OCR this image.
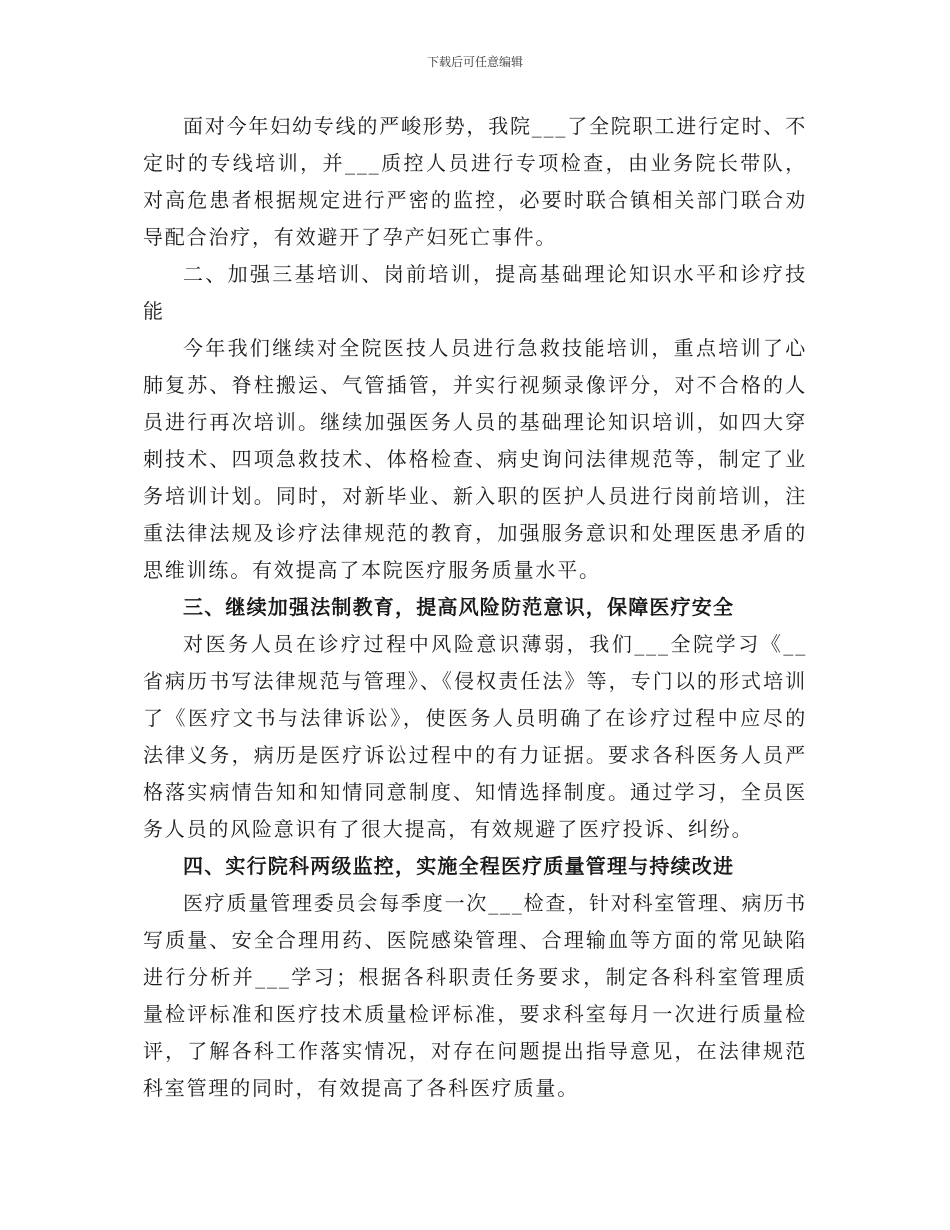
下载后可任意编辑

面对今年妇幼专线的严峻形势，我院___了全院职工进行定时、不定时的专线培训，并___质控人员进行专项检查，由业务院长带队，对高危患者根据规定进行严密的监控，必要时联合镇相关部门联合劝导配合治疗，有效避开了孕产妇死亡事件。

二、加强三基培训、岗前培训，提高基础理论知识水平和诊疗技能

今年我们继续对全院医技人员进行急救技能培训，重点培训了心肺复苏、脊柱搬运、气管插管，并实行视频录像评分，对不合格的人员进行再次培训。继续加强医务人员的基础理论知识培训，如四大穿刺技术、四项急救技术、体格检查、病史询问法律规范等，制定了业务培训计划。同时，对新毕业、新入职的医护人员进行岗前培训，注重法律法规及诊疗法律规范的教育，加强服务意识和处理医患矛盾的思维训练。有效提高了本院医疗服务质量水平。

三、继续加强法制教育，提高风险防范意识，保障医疗安全

对医务人员在诊疗过程中风险意识薄弱，我们___全院学习《__省病历书写法律规范与管理》、《侵权责任法》等，专门以的形式培训了《医疗文书与法律诉讼》，使医务人员明确了在诊疗过程中应尽的法律义务，病历是医疗诉讼过程中的有力证据。要求各科医务人员严格落实病情告知和知情同意制度、知情选择制度。通过学习，全员医务人员的风险意识有了很大提高，有效规避了医疗投诉、纠纷。

四、实行院科两级监控，实施全程医疗质量管理与持续改进

医疗质量管理委员会每季度一次___检查，针对科室管理、病历书写质量、安全合理用药、医院感染管理、合理输血等方面的常见缺陷进行分析并___学习；根据各科职责任务要求，制定各科科室管理质量检评标准和医疗技术质量检评标准，要求科室每月一次进行质量检评，了解各科工作落实情况，对存在问题提出指导意见，在法律规范科室管理的同时，有效提高了各科医疗质量。
